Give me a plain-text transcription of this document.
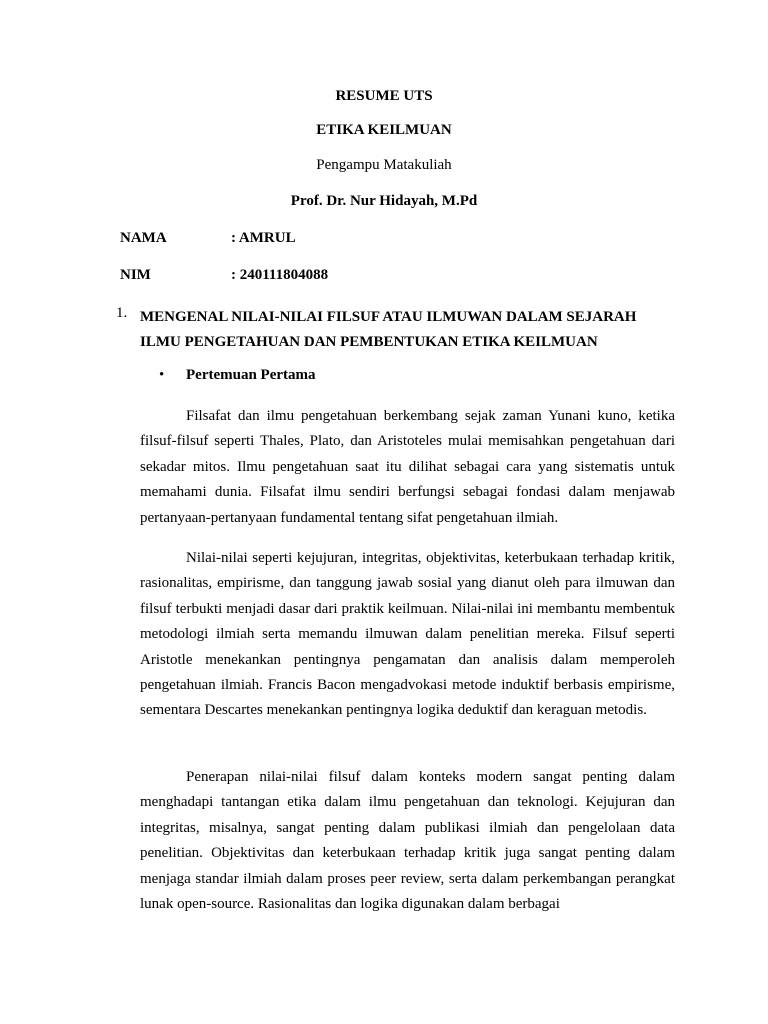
RESUME UTS
ETIKA KEILMUAN
Pengampu Matakuliah
Prof. Dr. Nur Hidayah, M.Pd
NAMA	: AMRUL
NIM	: 240111804088
1. MENGENAL NILAI-NILAI FILSUF ATAU ILMUWAN DALAM SEJARAH ILMU PENGETAHUAN DAN PEMBENTUKAN ETIKA KEILMUAN
• Pertemuan Pertama

Filsafat dan ilmu pengetahuan berkembang sejak zaman Yunani kuno, ketika filsuf-filsuf seperti Thales, Plato, dan Aristoteles mulai memisahkan pengetahuan dari sekadar mitos. Ilmu pengetahuan saat itu dilihat sebagai cara yang sistematis untuk memahami dunia. Filsafat ilmu sendiri berfungsi sebagai fondasi dalam menjawab pertanyaan-pertanyaan fundamental tentang sifat pengetahuan ilmiah.

Nilai-nilai seperti kejujuran, integritas, objektivitas, keterbukaan terhadap kritik, rasionalitas, empirisme, dan tanggung jawab sosial yang dianut oleh para ilmuwan dan filsuf terbukti menjadi dasar dari praktik keilmuan. Nilai-nilai ini membantu membentuk metodologi ilmiah serta memandu ilmuwan dalam penelitian mereka. Filsuf seperti Aristotle menekankan pentingnya pengamatan dan analisis dalam memperoleh pengetahuan ilmiah. Francis Bacon mengadvokasi metode induktif berbasis empirisme, sementara Descartes menekankan pentingnya logika deduktif dan keraguan metodis.

Penerapan nilai-nilai filsuf dalam konteks modern sangat penting dalam menghadapi tantangan etika dalam ilmu pengetahuan dan teknologi. Kejujuran dan integritas, misalnya, sangat penting dalam publikasi ilmiah dan pengelolaan data penelitian. Objektivitas dan keterbukaan terhadap kritik juga sangat penting dalam menjaga standar ilmiah dalam proses peer review, serta dalam perkembangan perangkat lunak open-source. Rasionalitas dan logika digunakan dalam berbagai
